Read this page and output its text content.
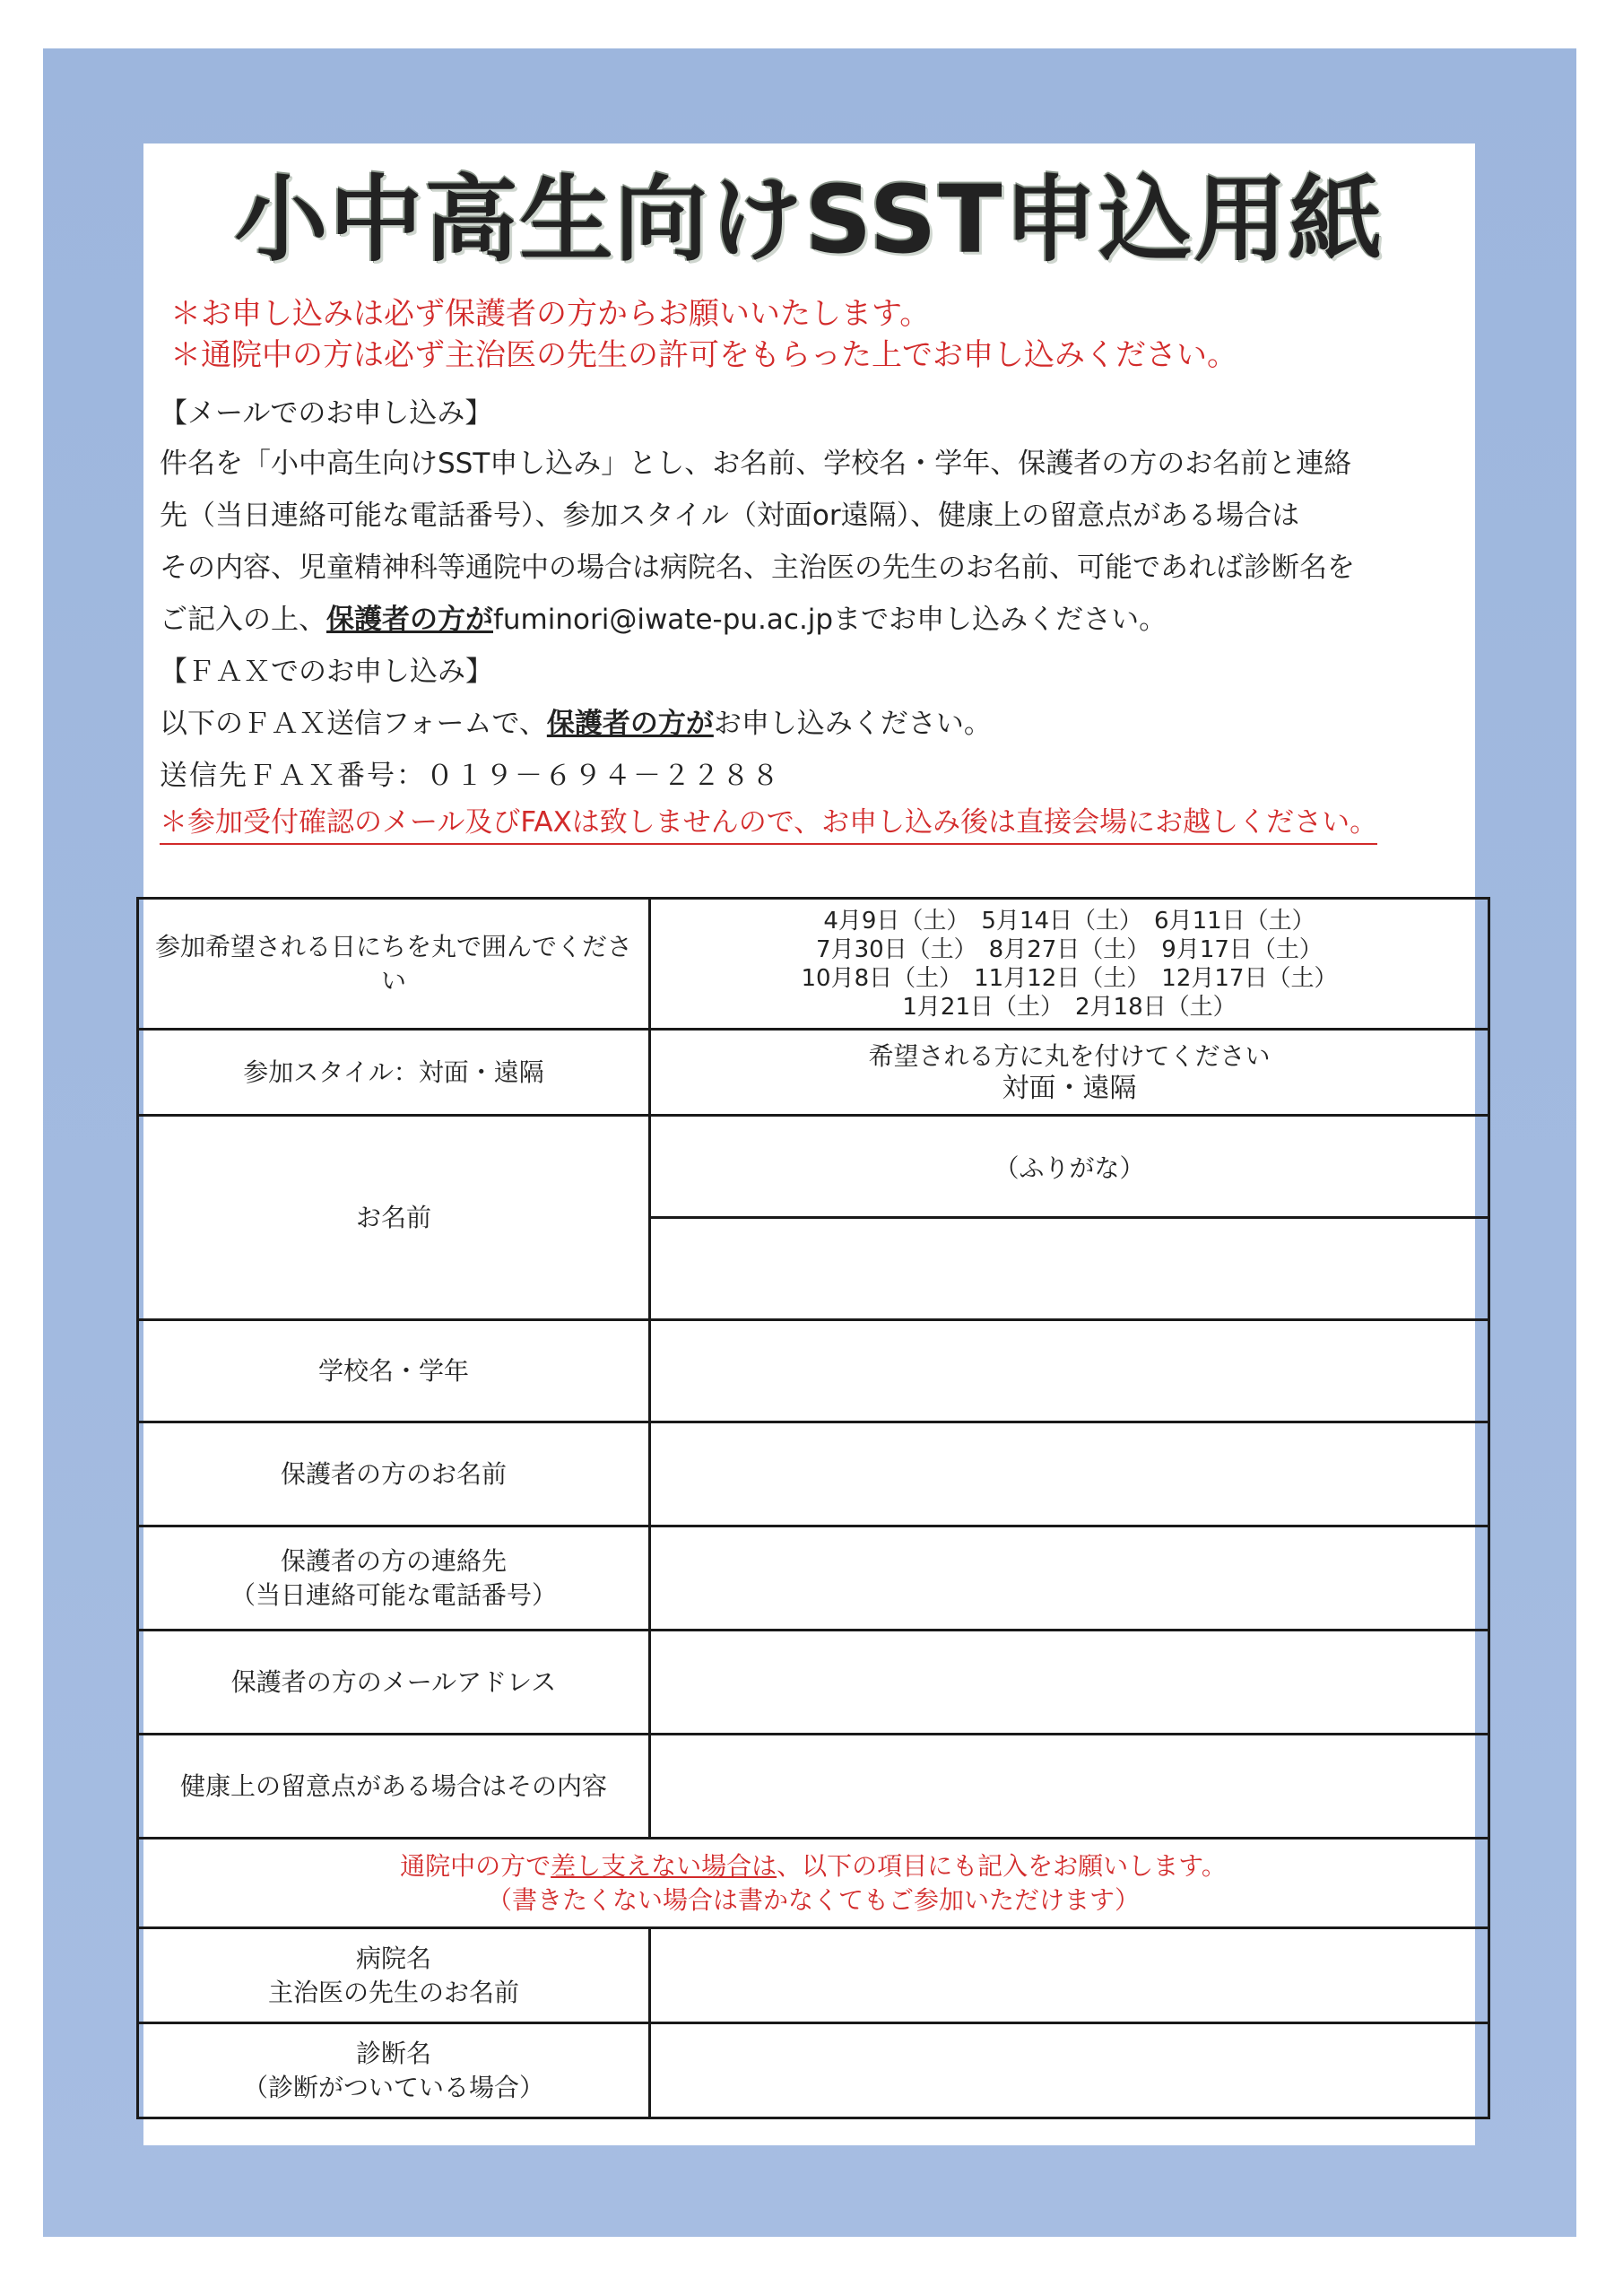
小中高生向けSST申込用紙
＊お申し込みは必ず保護者の方からお願いいたします。
＊通院中の方は必ず主治医の先生の許可をもらった上でお申し込みください。
【メールでのお申し込み】
件名を「小中高生向けSST申し込み」とし、お名前、学校名・学年、保護者の方のお名前と連絡
先（当日連絡可能な電話番号）、参加スタイル（対面or遠隔）、健康上の留意点がある場合は
その内容、児童精神科等通院中の場合は病院名、主治医の先生のお名前、可能であれば診断名を
ご記入の上、保護者の方がfuminori@iwate-pu.ac.jpまでお申し込みください。
【ＦＡＸでのお申し込み】
以下のＦＡＸ送信フォームで、保護者の方がお申し込みください。
送信先ＦＡＸ番号：０１９－６９４－２２８８
＊参加受付確認のメール及びFAXは致しませんので、お申し込み後は直接会場にお越しください。
参加希望される日にちを丸で囲んでください	4月9日（土）　5月14日（土）　6月11日（土）
7月30日（土）　8月27日（土）　9月17日（土）
10月8日（土）　11月12日（土）　12月17日（土）
1月21日（土）　2月18日（土）

参加スタイル：対面・遠隔	希望される方に丸を付けてください
対面・遠隔

お名前	（ふりがな）

学校名・学年	
保護者の方のお名前	

保護者の方の連絡先
（当日連絡可能な電話番号）	

保護者の方のメールアドレス	
健康上の留意点がある場合はその内容	

通院中の方で差し支えない場合は、以下の項目にも記入をお願いします。
（書きたくない場合は書かなくてもご参加いただけます）	

病院名
主治医の先生のお名前	

診断名
（診断がついている場合）	
